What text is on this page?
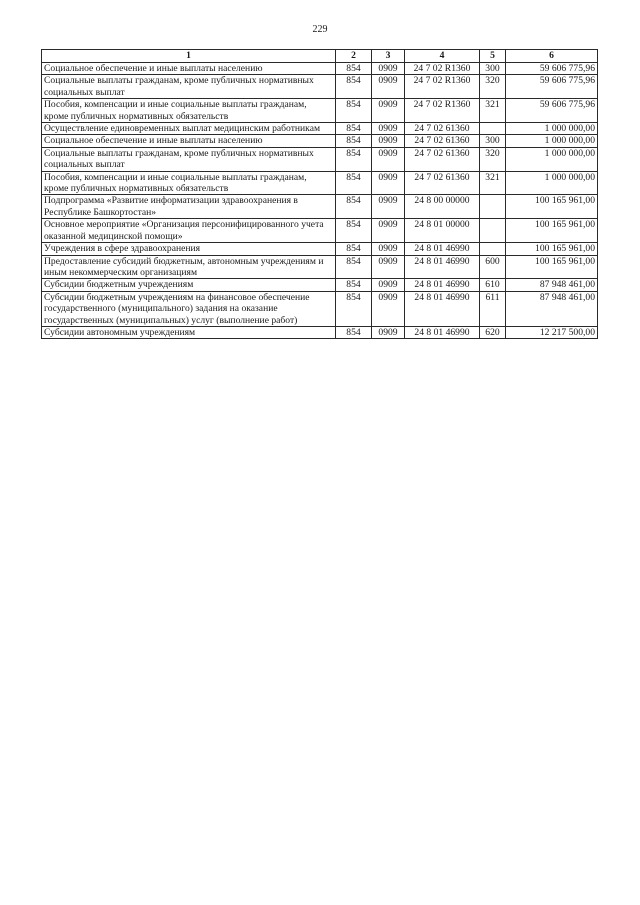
229
1	2	3	4	5	6
Социальное обеспечение и иные выплаты населению	854	0909	24 7 02 R1360	300	59 606 775,96
Социальные выплаты гражданам, кроме публичных нормативных социальных выплат	854	0909	24 7 02 R1360	320	59 606 775,96
Пособия, компенсации и иные социальные выплаты гражданам, кроме публичных нормативных обязательств	854	0909	24 7 02 R1360	321	59 606 775,96
Осуществление единовременных выплат медицинским работникам	854	0909	24 7 02 61360		1 000 000,00
Социальное обеспечение и иные выплаты населению	854	0909	24 7 02 61360	300	1 000 000,00
Социальные выплаты гражданам, кроме публичных нормативных социальных выплат	854	0909	24 7 02 61360	320	1 000 000,00
Пособия, компенсации и иные социальные выплаты гражданам, кроме публичных нормативных обязательств	854	0909	24 7 02 61360	321	1 000 000,00
Подпрограмма «Развитие информатизации здравоохранения в Республике Башкортостан»	854	0909	24 8 00 00000		100 165 961,00
Основное мероприятие «Организация персонифицированного учета оказанной медицинской помощи»	854	0909	24 8 01 00000		100 165 961,00
Учреждения в сфере здравоохранения	854	0909	24 8 01 46990		100 165 961,00
Предоставление субсидий бюджетным, автономным учреждениям и иным некоммерческим организациям	854	0909	24 8 01 46990	600	100 165 961,00
Субсидии бюджетным учреждениям	854	0909	24 8 01 46990	610	87 948 461,00
Субсидии бюджетным учреждениям на финансовое обеспечение государственного (муниципального) задания на оказание государственных (муниципальных) услуг (выполнение работ)	854	0909	24 8 01 46990	611	87 948 461,00
Субсидии автономным учреждениям	854	0909	24 8 01 46990	620	12 217 500,00
